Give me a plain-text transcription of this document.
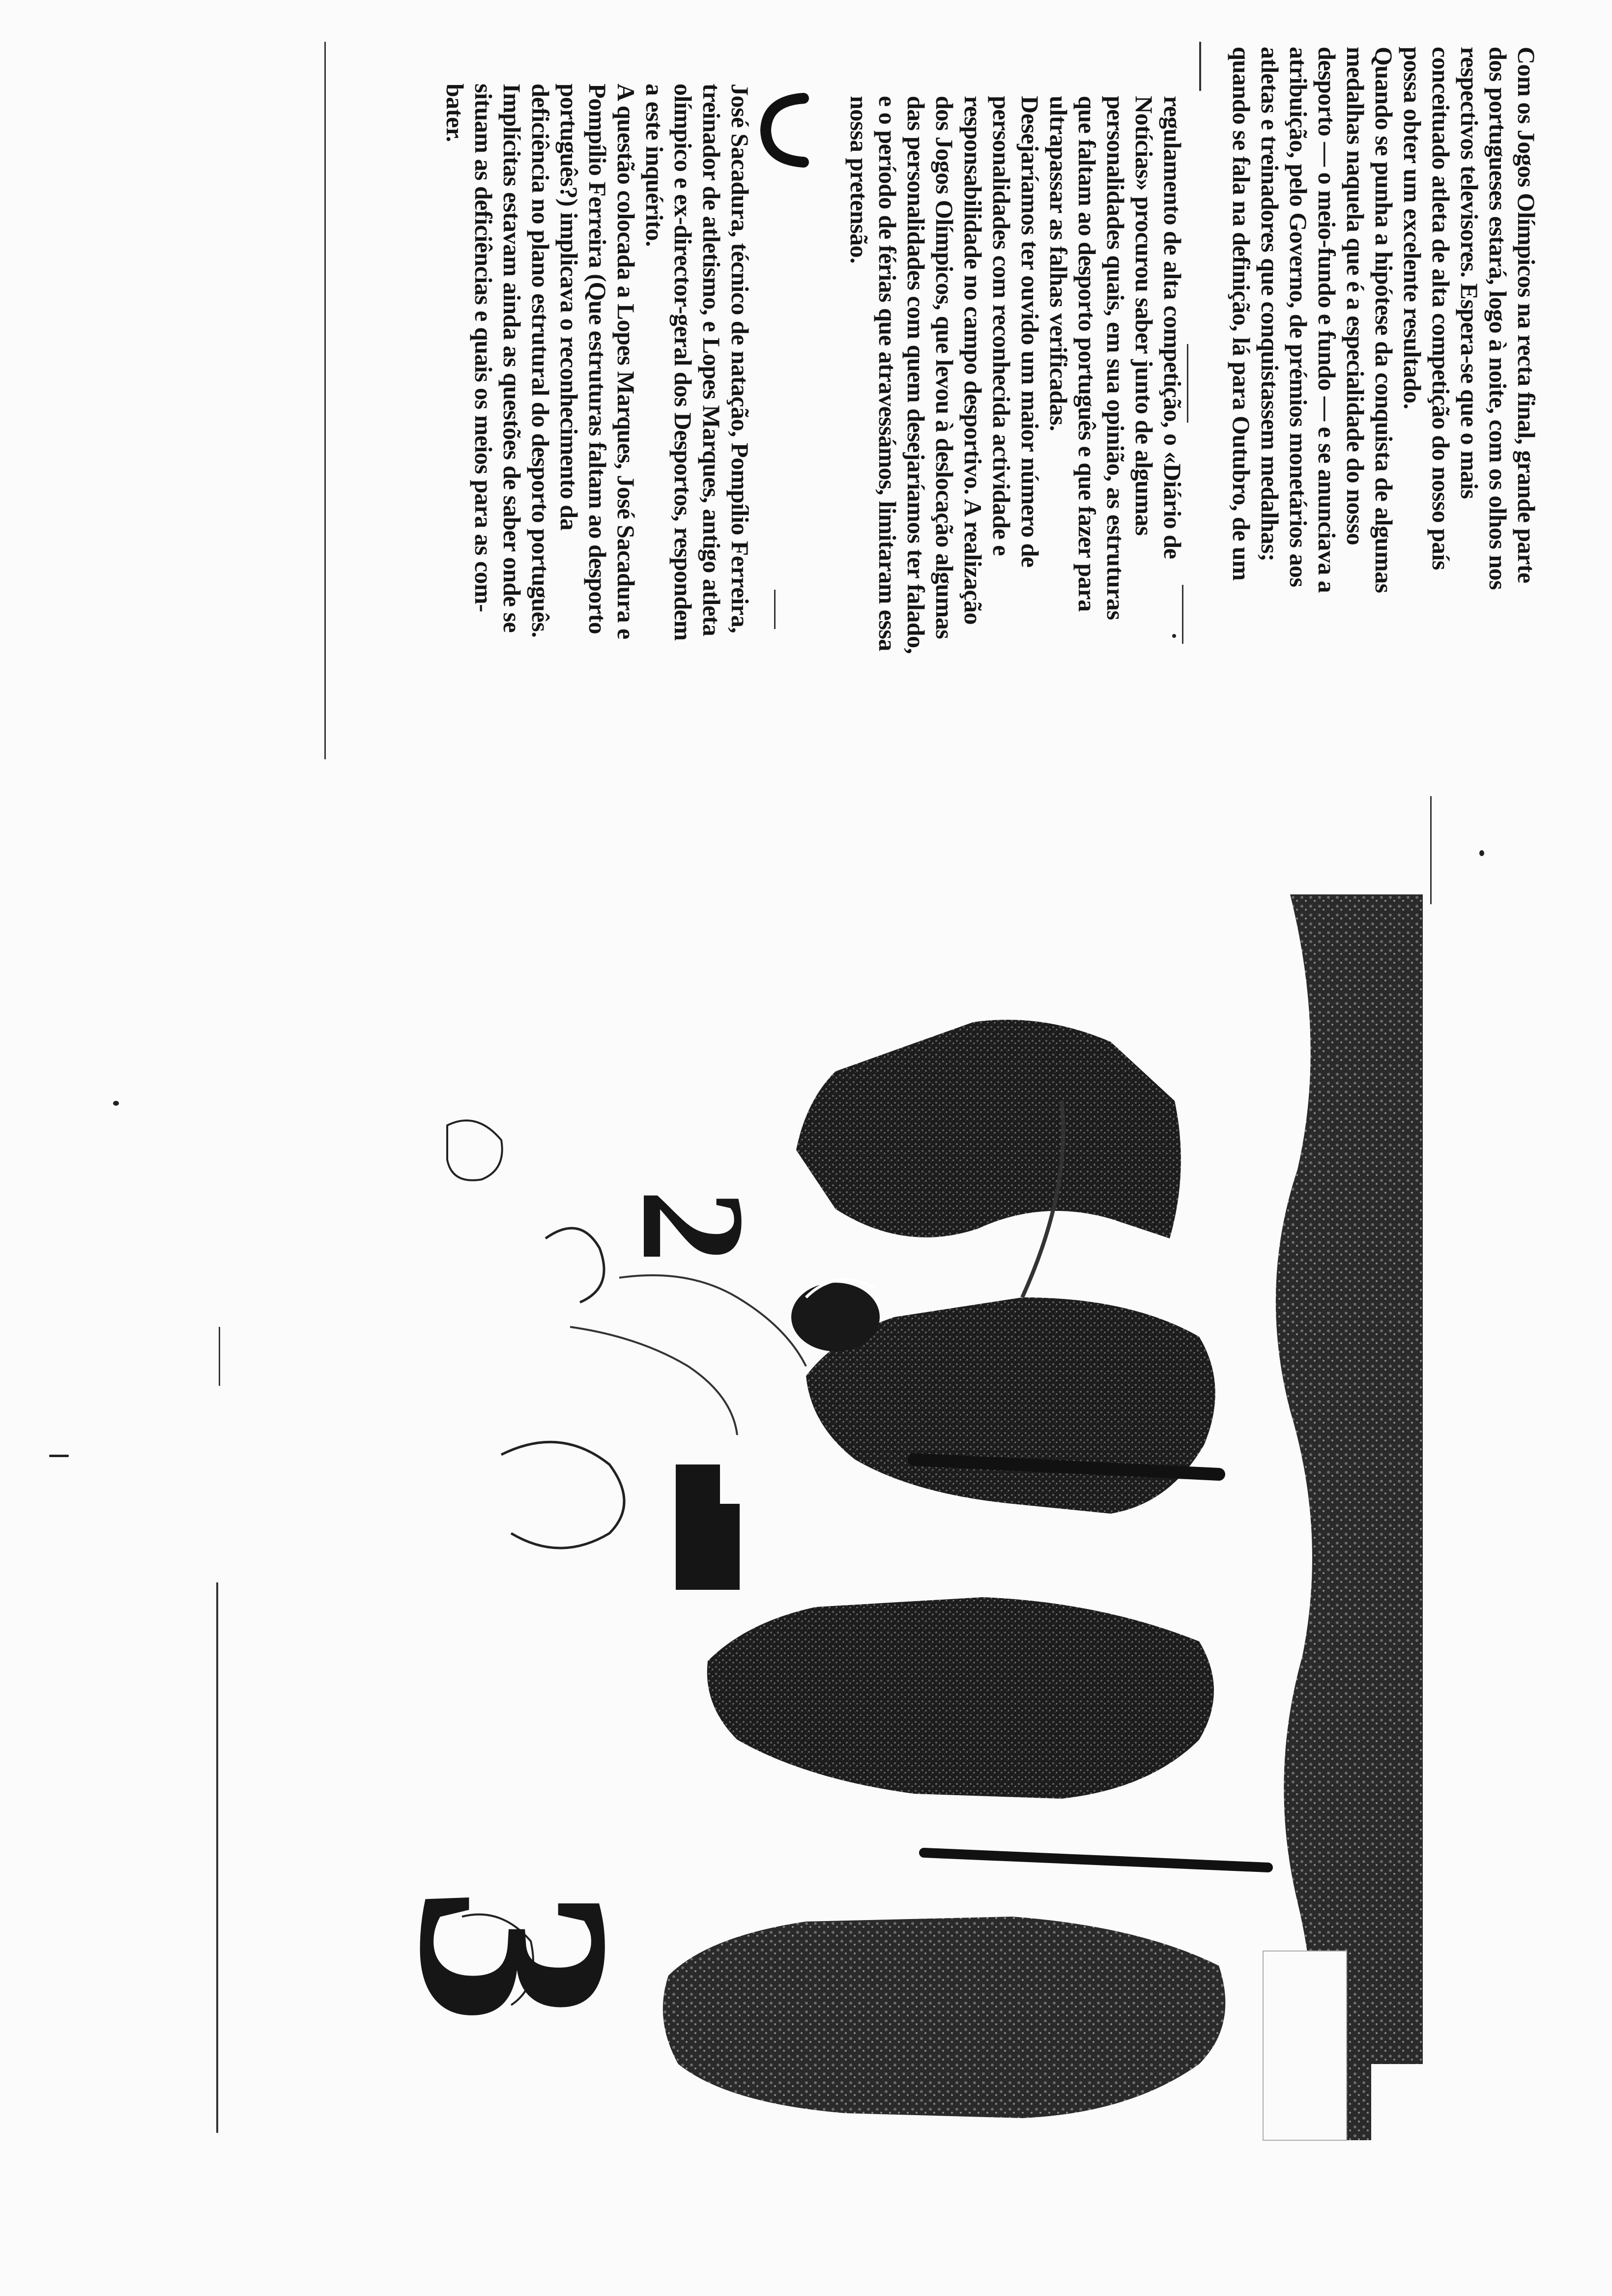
Com os Jogos Olímpicos na recta final, grande parte
dos portugueses estará, logo à noite, com os olhos nos
respectivos televisores. Espera-se que o mais
conceituado atleta de alta competição do nosso país
possa obter um excelente resultado.
Quando se punha a hipótese da conquista de algumas
medalhas naquela que é a especialidade do nosso
desporto — o meio-fundo e fundo — e se anunciava a
atribuição, pelo Governo, de prémios monetários aos
atletas e treinadores que conquistassem medalhas;
quando se fala na definição, lá para Outubro, de um
regulamento de alta competição, o «Diário de
Notícias» procurou saber junto de algumas
personalidades quais, em sua opinião, as estruturas
que faltam ao desporto português e que fazer para
ultrapassar as falhas verificadas.
Desejaríamos ter ouvido um maior número de
personalidades com reconhecida actividade e
responsabilidade no campo desportivo. A realização
dos Jogos Olímpicos, que levou à deslocação algumas
das personalidades com quem desejaríamos ter falado,
e o período de férias que atravessámos, limitaram essa
nossa pretensão.
José Sacadura, técnico de natação, Pompílio Ferreira,
treinador de atletismo, e Lopes Marques, antigo atleta
olímpico e ex-director-geral dos Desportos, respondem
a este inquérito.
A questão colocada a Lopes Marques, José Sacadura e
Pompílio Ferreira (Que estruturas faltam ao desporto
português?) implicava o reconhecimento da
deficiência no plano estrutural do desporto português.
Implícitas estavam ainda as questões de saber onde se
situam as deficiências e quais os meios para as com-
bater.
2
3
